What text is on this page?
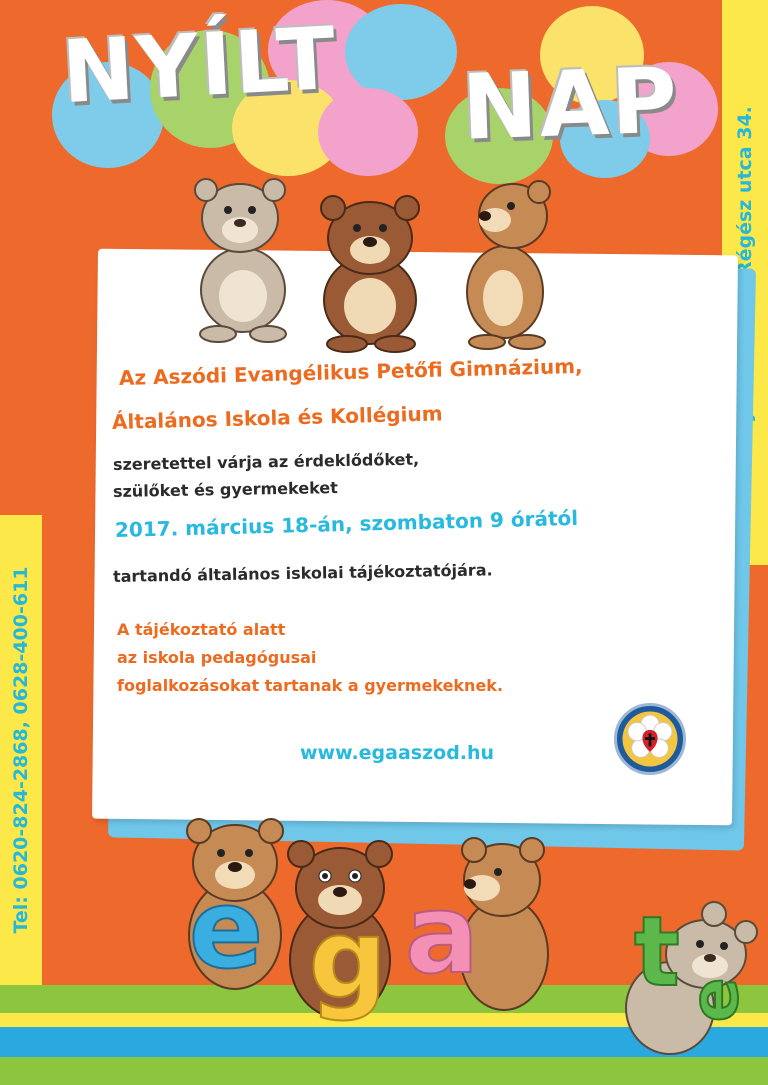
NYÍLT NAP
Az Aszódi Evangélikus Petőfi Gimnázium,
Általános Iskola és Kollégium
szeretettel várja az érdeklődőket,
szülőket és gyermekeket
2017. március 18-án, szombaton 9 órától
tartandó általános iskolai tájékoztatójára.
A tájékoztató alatt
az iskola pedagógusai
foglalkozásokat tartanak a gyermekeknek.
www.egaaszod.hu
Tel: 0620-824-2868, 0628-400-611 e g a t
e
